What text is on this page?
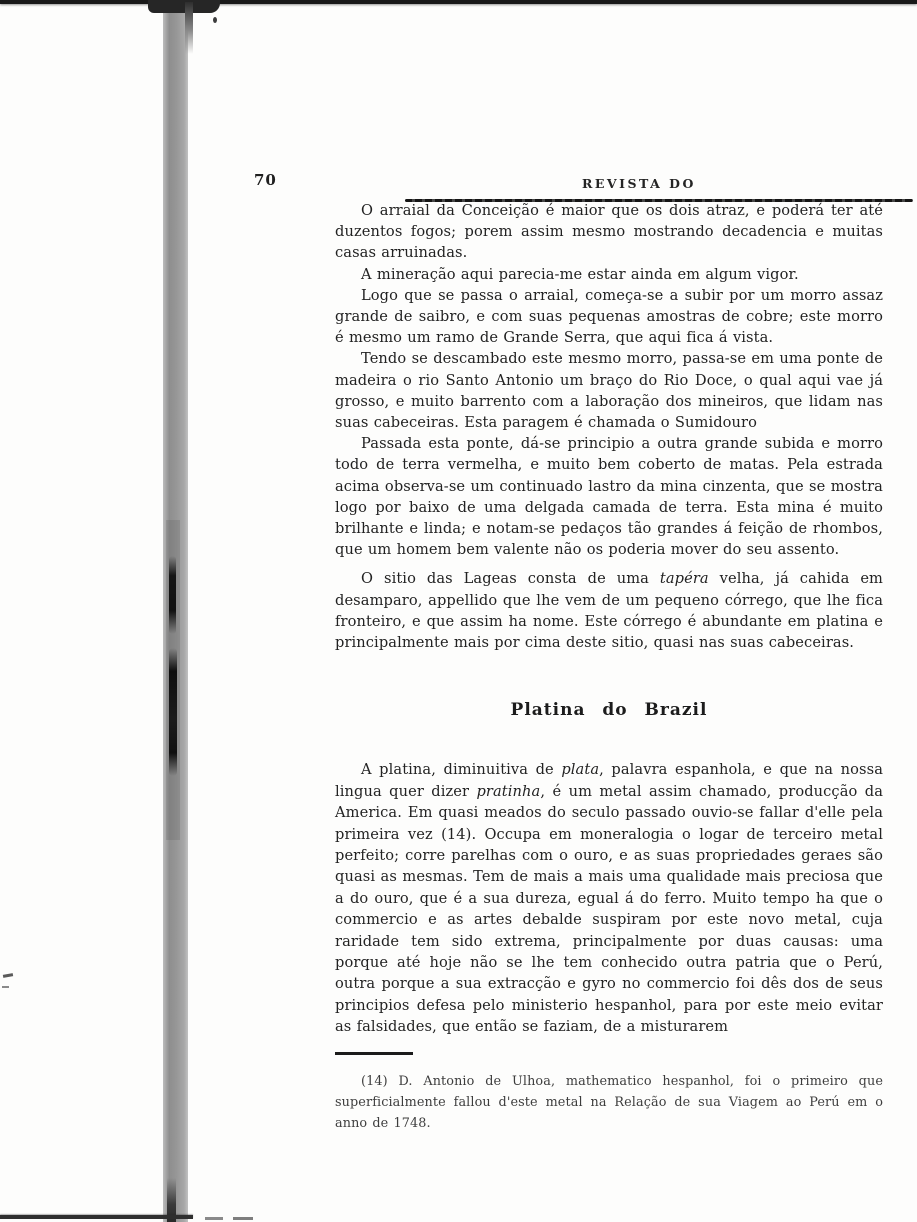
70	REVISTA DO

O arraial da Conceição é maior que os dois atraz, e poderá ter até duzentos fogos; porem assim mesmo mostrando decadencia e muitas casas arruinadas.

A mineração aqui parecia-me estar ainda em algum vigor.

Logo que se passa o arraial, começa-se a subir por um morro assaz grande de saibro, e com suas pequenas amostras de cobre; este morro é mesmo um ramo de Grande Serra, que aqui fica á vista.

Tendo se descambado este mesmo morro, passa-se em uma ponte de madeira o rio Santo Antonio um braço do Rio Doce, o qual aqui vae já grosso, e muito barrento com a laboração dos mineiros, que lidam nas suas cabeceiras. Esta paragem é chamada o Sumidouro

Passada esta ponte, dá-se principio a outra grande subida e morro todo de terra vermelha, e muito bem coberto de matas. Pela estrada acima observa-se um continuado lastro da mina cinzenta, que se mostra logo por baixo de uma delgada camada de terra. Esta mina é muito brilhante e linda; e notam-se pedaços tão grandes á feição de rhombos, que um homem bem valente não os poderia mover do seu assento.

O sitio das Lageas consta de uma tapéra velha, já cahida em desamparo, appellido que lhe vem de um pequeno córrego, que lhe fica fronteiro, e que assim ha nome. Este córrego é abundante em platina e principalmente mais por cima deste sitio, quasi nas suas cabeceiras.

Platina do Brazil

A platina, diminuitiva de plata, palavra espanhola, e que na nossa lingua quer dizer pratinha, é um metal assim chamado, producção da America. Em quasi meados do seculo passado ouvio-se fallar d'elle pela primeira vez (14). Occupa em moneralogia o logar de terceiro metal perfeito; corre parelhas com o ouro, e as suas propriedades geraes são quasi as mesmas. Tem de mais a mais uma qualidade mais preciosa que a do ouro, que é a sua dureza, egual á do ferro. Muito tempo ha que o commercio e as artes debalde suspiram por este novo metal, cuja raridade tem sido extrema, principalmente por duas causas: uma porque até hoje não se lhe tem conhecido outra patria que o Perú, outra porque a sua extracção e gyro no commercio foi dês dos de seus principios defesa pelo ministerio hespanhol, para por este meio evitar as falsidades, que então se faziam, de a misturarem

(14) D. Antonio de Ulhoa, mathematico hespanhol, foi o primeiro que superficialmente fallou d'este metal na Relação de sua Viagem ao Perú em o anno de 1748.
